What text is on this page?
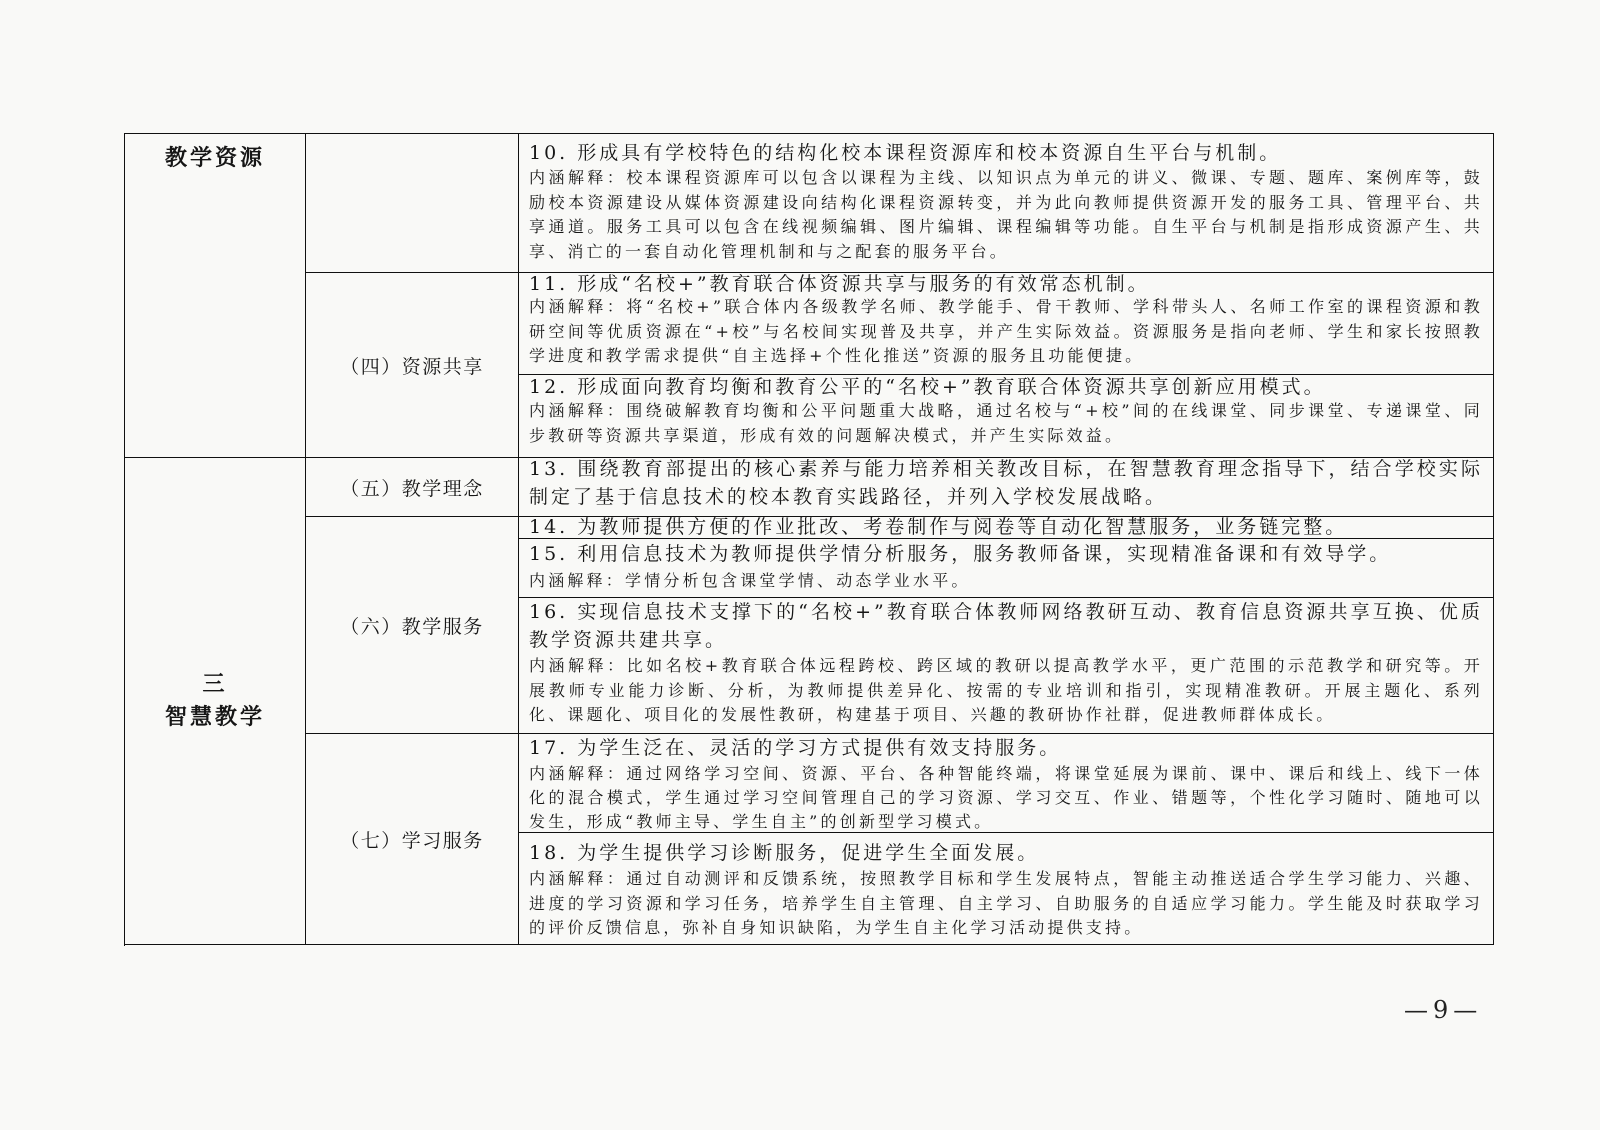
教学资源
三
智慧教学
（四）资源共享
（五）教学理念
（六）教学服务
（七）学习服务
10. 形成具有学校特色的结构化校本课程资源库和校本资源自生平台与机制。
内涵解释：校本课程资源库可以包含以课程为主线、以知识点为单元的讲义、微课、专题、题库、案例库等，鼓励校本资源建设从媒体资源建设向结构化课程资源转变，并为此向教师提供资源开发的服务工具、管理平台、共享通道。服务工具可以包含在线视频编辑、图片编辑、课程编辑等功能。自生平台与机制是指形成资源产生、共享、消亡的一套自动化管理机制和与之配套的服务平台。
11. 形成“名校+”教育联合体资源共享与服务的有效常态机制。
内涵解释：将“名校+”联合体内各级教学名师、教学能手、骨干教师、学科带头人、名师工作室的课程资源和教研空间等优质资源在“+校”与名校间实现普及共享，并产生实际效益。资源服务是指向老师、学生和家长按照教学进度和教学需求提供“自主选择+个性化推送”资源的服务且功能便捷。
12. 形成面向教育均衡和教育公平的“名校+”教育联合体资源共享创新应用模式。
内涵解释：围绕破解教育均衡和公平问题重大战略，通过名校与“+校”间的在线课堂、同步课堂、专递课堂、同步教研等资源共享渠道，形成有效的问题解决模式，并产生实际效益。
13. 围绕教育部提出的核心素养与能力培养相关教改目标，在智慧教育理念指导下，结合学校实际制定了基于信息技术的校本教育实践路径，并列入学校发展战略。
14. 为教师提供方便的作业批改、考卷制作与阅卷等自动化智慧服务，业务链完整。
15. 利用信息技术为教师提供学情分析服务，服务教师备课，实现精准备课和有效导学。
内涵解释：学情分析包含课堂学情、动态学业水平。
16. 实现信息技术支撑下的“名校+”教育联合体教师网络教研互动、教育信息资源共享互换、优质教学资源共建共享。
内涵解释：比如名校+教育联合体远程跨校、跨区域的教研以提高教学水平，更广范围的示范教学和研究等。开展教师专业能力诊断、分析，为教师提供差异化、按需的专业培训和指引，实现精准教研。开展主题化、系列化、课题化、项目化的发展性教研，构建基于项目、兴趣的教研协作社群，促进教师群体成长。
17. 为学生泛在、灵活的学习方式提供有效支持服务。
内涵解释：通过网络学习空间、资源、平台、各种智能终端，将课堂延展为课前、课中、课后和线上、线下一体化的混合模式，学生通过学习空间管理自己的学习资源、学习交互、作业、错题等，个性化学习随时、随地可以发生，形成“教师主导、学生自主”的创新型学习模式。
18. 为学生提供学习诊断服务，促进学生全面发展。
内涵解释：通过自动测评和反馈系统，按照教学目标和学生发展特点，智能主动推送适合学生学习能力、兴趣、进度的学习资源和学习任务，培养学生自主管理、自主学习、自助服务的自适应学习能力。学生能及时获取学习的评价反馈信息，弥补自身知识缺陷，为学生自主化学习活动提供支持。
—9—
